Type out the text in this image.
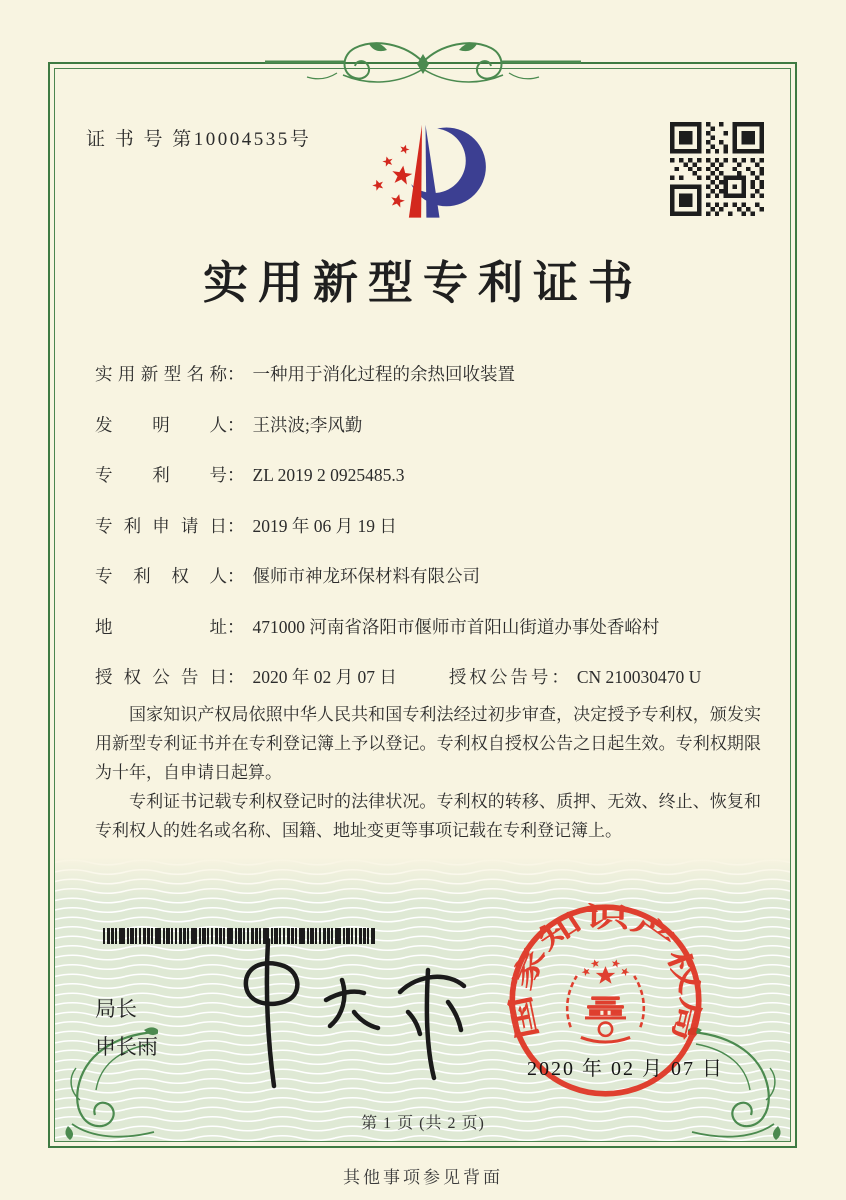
证 书 号 第10004535号
实用新型专利证书
实用新型名称 ： 一种用于消化过程的余热回收装置
发明人 ： 王洪波;李风勤
专利号 ： ZL 2019 2 0925485.3
专利申请日 ： 2019 年 06 月 19 日
专利权人 ： 偃师市神龙环保材料有限公司
地址 ： 471000 河南省洛阳市偃师市首阳山街道办事处香峪村
授权公告日 ： 2020 年 02 月 07 日	授权公告号 ： CN 210030470 U

国家知识产权局依照中华人民共和国专利法经过初步审查，决定授予专利权，颁发实用新型专利证书并在专利登记簿上予以登记。专利权自授权公告之日起生效。专利权期限为十年，自申请日起算。

专利证书记载专利权登记时的法律状况。专利权的转移、质押、无效、终止、恢复和专利权人的姓名或名称、国籍、地址变更等事项记载在专利登记簿上。

局长
申长雨
国家知识产权局
2020 年 02 月 07 日
第 1 页 (共 2 页)
其他事项参见背面
